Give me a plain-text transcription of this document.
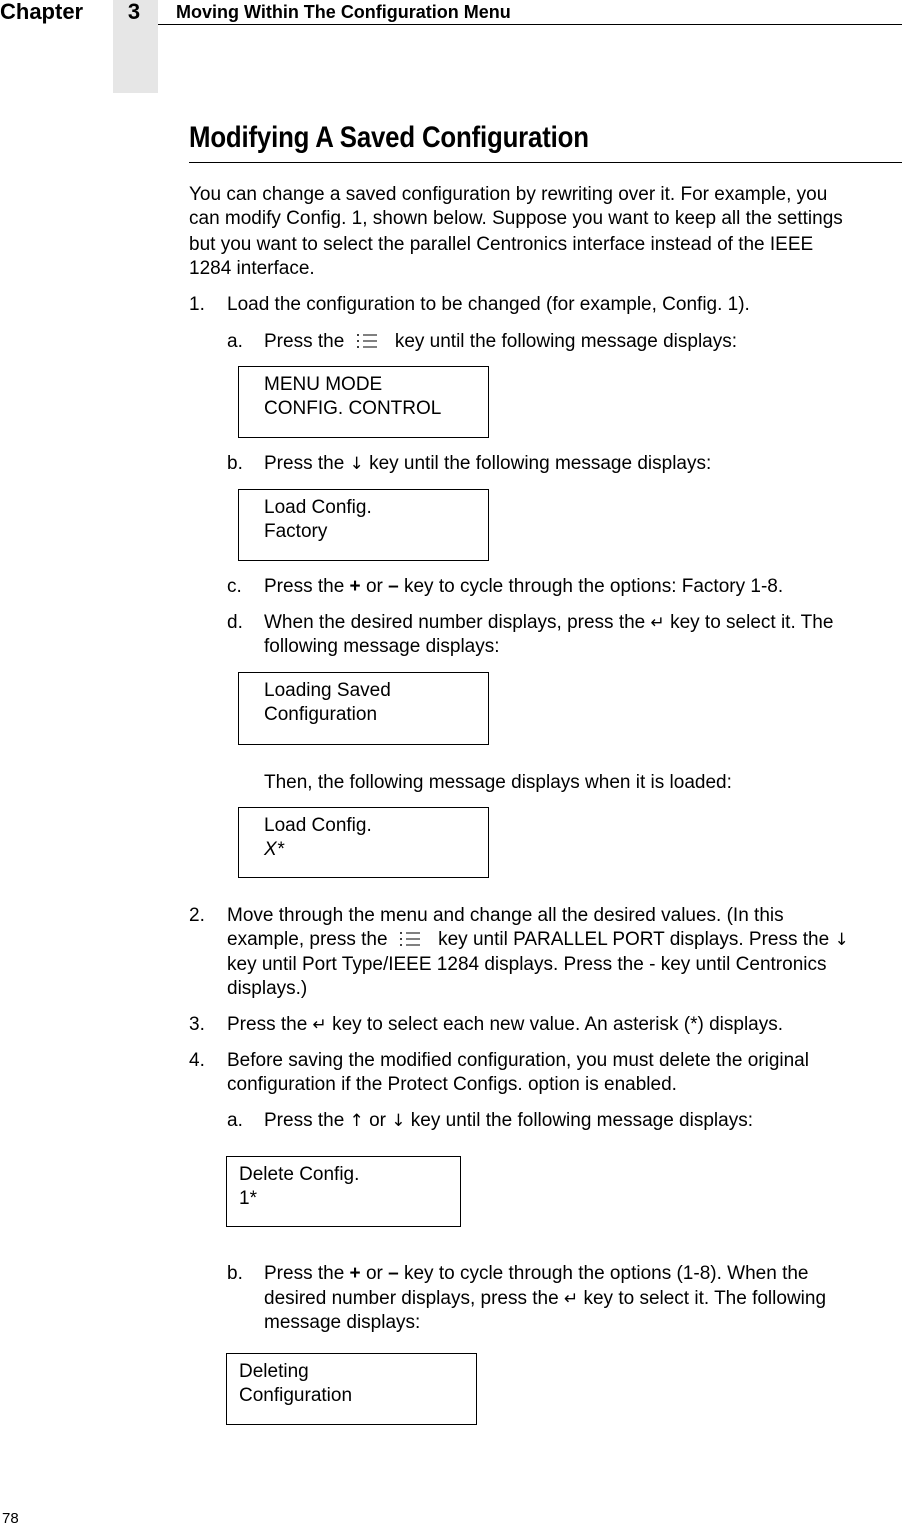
Chapter	3	Moving Within The Configuration Menu
Modifying A Saved Configuration
You can change a saved configuration by rewriting over it. For example, you
can modify Config. 1, shown below. Suppose you want to keep all the settings
but you want to select the parallel Centronics interface instead of the IEEE
1284 interface.
1. Load the configuration to be changed (for example, Config. 1).
a. Press the	key until the following message displays:
MENU MODE
CONFIG. CONTROL
b. Press the ↓ key until the following message displays:
Load Config.
Factory
c. Press the + or – key to cycle through the options: Factory 1-8.
d. When the desired number displays, press the ↵ key to select it. The
following message displays:
Loading Saved
Configuration
Then, the following message displays when it is loaded:
Load Config.
X*
2. Move through the menu and change all the desired values. (In this
example, press the	key until PARALLEL PORT displays. Press the ↓
key until Port Type/IEEE 1284 displays. Press the - key until Centronics
displays.)
3. Press the ↵ key to select each new value. An asterisk (*) displays.
4. Before saving the modified configuration, you must delete the original
configuration if the Protect Configs. option is enabled.
a. Press the ↑ or ↓ key until the following message displays:
Delete Config.
1*
b. Press the + or – key to cycle through the options (1-8). When the
desired number displays, press the ↵ key to select it. The following
message displays:
Deleting
Configuration
78
